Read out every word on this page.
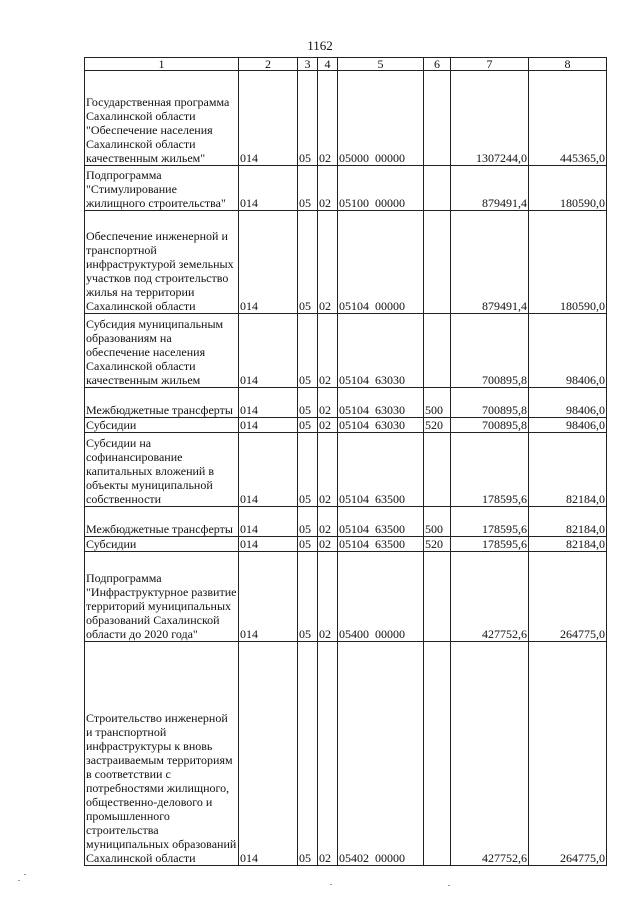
1162
1	2	3	4	5	6	7	8
Государственная программа Сахалинской области "Обеспечение населения Сахалинской области качественным жильем"	014	05	02	05000  00000		1307244,0	445365,0
Подпрограмма "Стимулирование жилищного строительства"	014	05	02	05100  00000		879491,4	180590,0
Обеспечение инженерной и транспортной инфраструктурой земельных участков под строительство жилья на территории Сахалинской области	014	05	02	05104  00000		879491,4	180590,0
Субсидия муниципальным образованиям на обеспечение населения Сахалинской области качественным жильем	014	05	02	05104  63030		700895,8	98406,0
Межбюджетные трансферты	014	05	02	05104  63030	500	700895,8	98406,0
Субсидии	014	05	02	05104  63030	520	700895,8	98406,0
Субсидии на софинансирование капитальных вложений в объекты муниципальной собственности	014	05	02	05104  63500		178595,6	82184,0
Межбюджетные трансферты	014	05	02	05104  63500	500	178595,6	82184,0
Субсидии	014	05	02	05104  63500	520	178595,6	82184,0
Подпрограмма "Инфраструктурное развитие территорий муниципальных образований Сахалинской области до 2020 года"	014	05	02	05400  00000		427752,6	264775,0
Строительство инженерной и транспортной инфраструктуры к вновь застраиваемым территориям в соответствии с потребностями жилищного, общественно-делового и промышленного строительства муниципальных образований Сахалинской области	014	05	02	05402  00000		427752,6	264775,0
